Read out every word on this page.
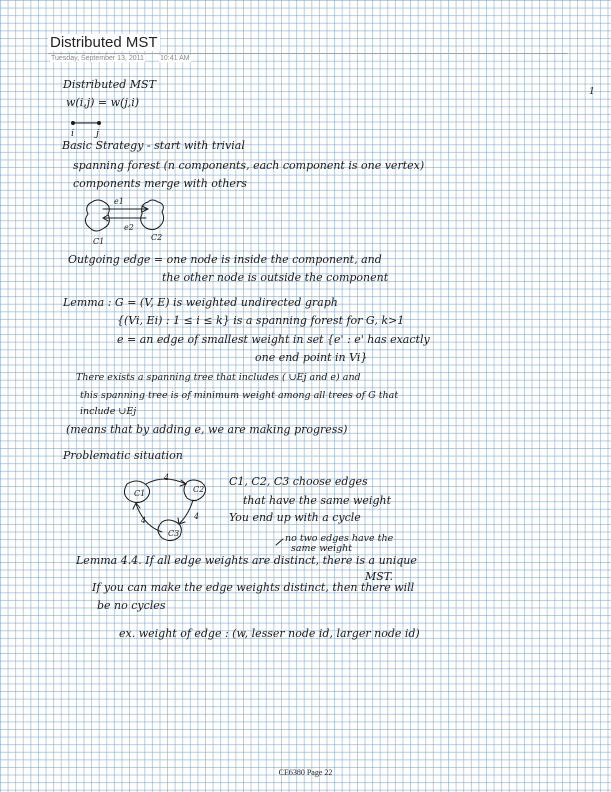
Distributed MST
Tuesday, September 13, 2011 10:41 AM
1
Distributed MST
w(i,j) = w(j,i)
i j
Basic Strategy - start with trivial
spanning forest (n components, each component is one vertex)
components merge with others
e1
e2
C1	C2
Outgoing edge = one node is inside the component, and
the other node is outside the component
Lemma : G = (V, E) is weighted undirected graph
{(Vi, Ei) : 1 ≤ i ≤ k} is a spanning forest for G, k>1
e = an edge of smallest weight in set {e' : e' has exactly
one end point in Vi}
There exists a spanning tree that includes ( ∪Ej and e) and
this spanning tree is of minimum weight among all trees of G that
include ∪Ej
(means that by adding e, we are making progress)
Problematic situation
C1	C2
C3
4
4	4
C1, C2, C3 choose edges
that have the same weight
You end up with a cycle
no two edges have the
same weight
Lemma 4.4. If all edge weights are distinct, there is a unique
MST.
If you can make the edge weights distinct, then there will
be no cycles
ex. weight of edge : (w, lesser node id, larger node id)
CE6380 Page 22
